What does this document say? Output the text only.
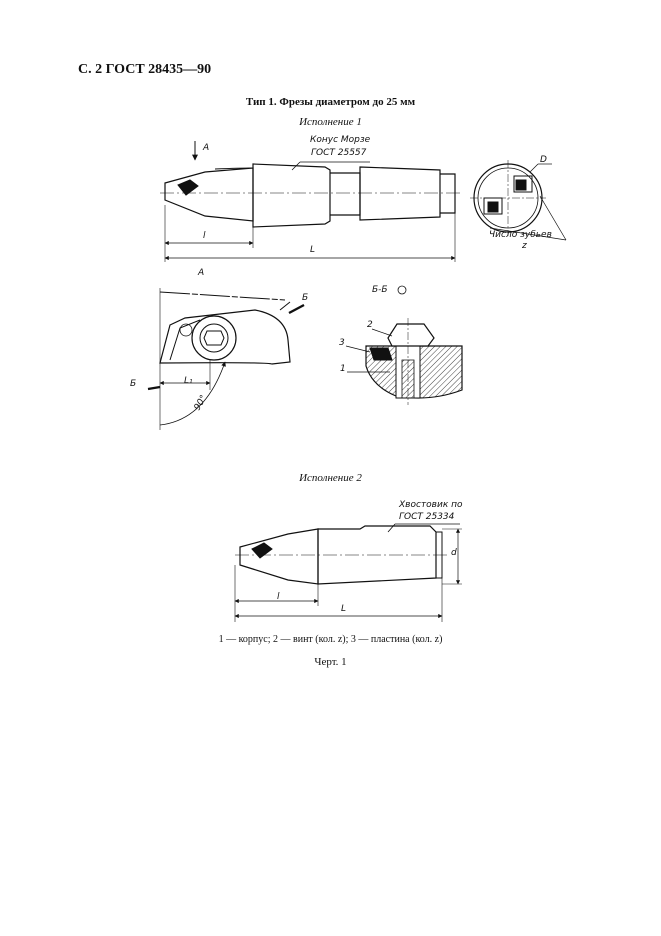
С. 2 ГОСТ 28435—90
Тип 1. Фрезы диаметром до 25 мм
Исполнение 1
Исполнение 2
1 — корпус; 2 — винт (кол. z); 3 — пластина (кол. z)
Черт. 1
А
Конус Морзе
ГОСТ 25557
l
L
D
Число зубьев
z
А
Б
Б
Б-Б
L₁
90°
1
2
3
Хвостовик по
ГОСТ 25334
d
l
L
